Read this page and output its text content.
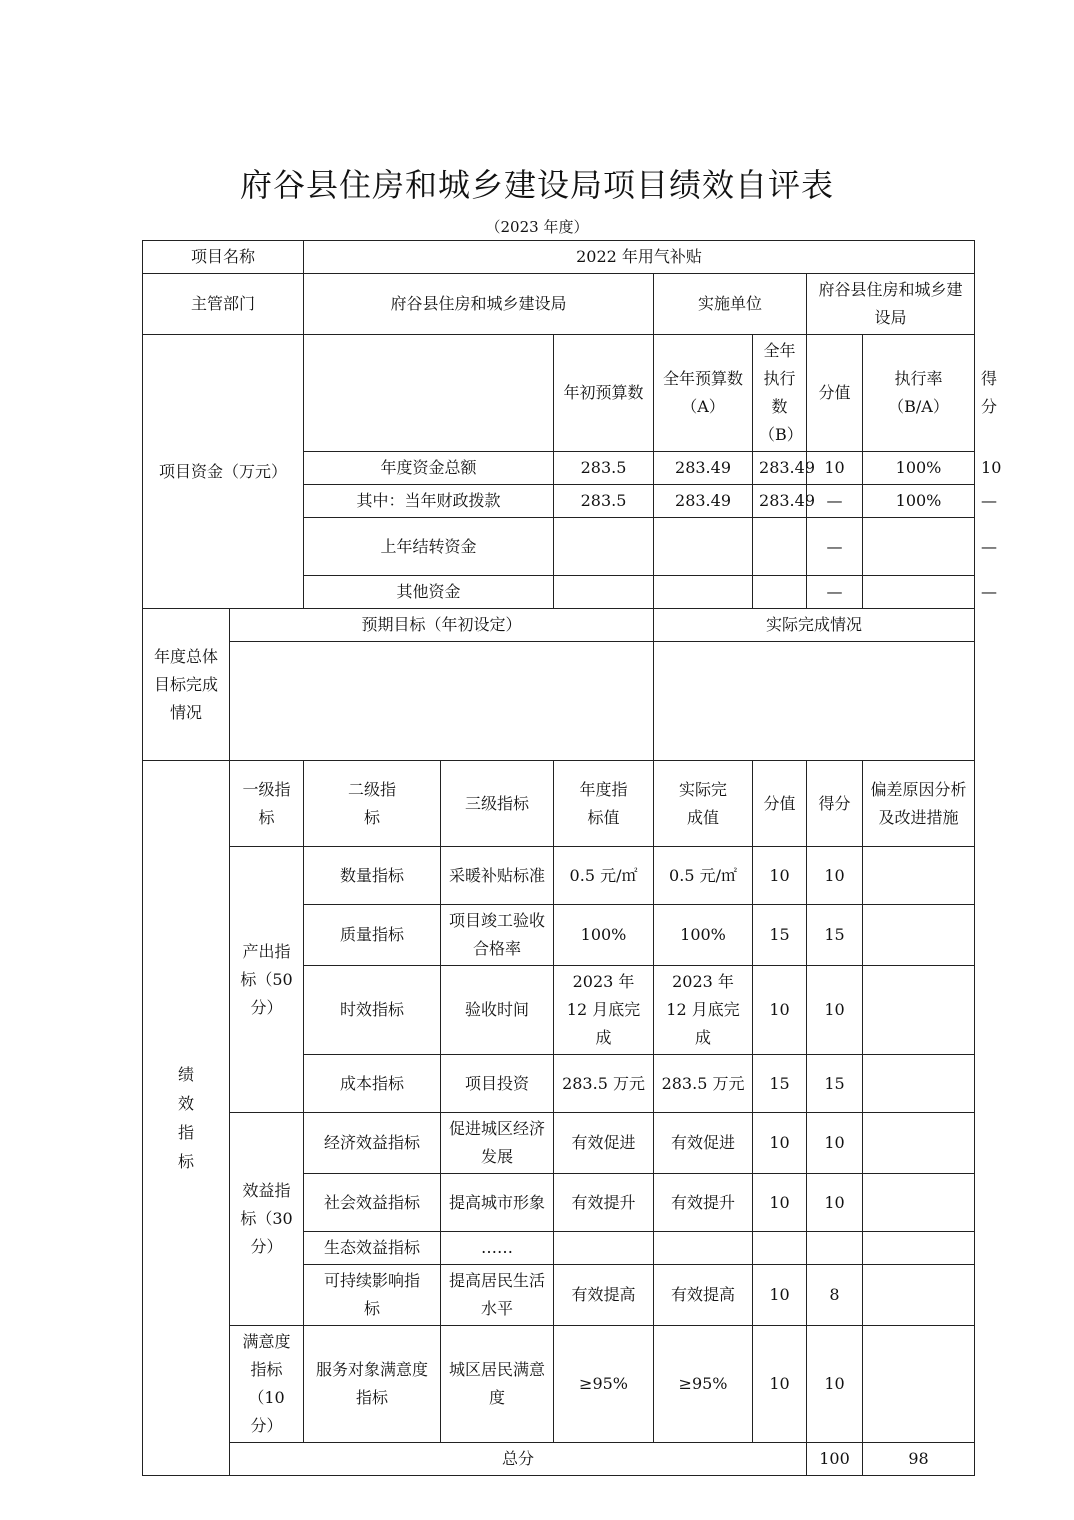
府谷县住房和城乡建设局项目绩效自评表
（2023 年度）
项目名称		2022 年用气补贴							
主管部门		府谷县住房和城乡建设局			实施单位		府谷县住房和城乡建设局		
项目资金（万元）				年初预算数	全年预算数（A）	全年执行数（B）	分值	执行率（B/A）	得分
		年度资金总额		283.5	283.49	283.49	10	100%	10
		其中：当年财政拨款		283.5	283.49	283.49	—	100%	—
		上年结转资金					—		—
		其他资金					—		—
年度总体目标完成情况	预期目标（年初设定）				实际完成情况				

绩效指标	一级指标	二级指标	三级指标	年度指标值	实际完成值	分值	得分	偏差原因分析及改进措施	
	产出指标（50 分）	数量指标	采暖补贴标准	0.5 元/㎡	0.5 元/㎡	10	10		
		质量指标	项目竣工验收合格率	100%	100%	15	15		
		时效指标	验收时间	2023 年 12 月底完成	2023 年 12 月底完成	10	10		
		成本指标	项目投资	283.5 万元	283.5 万元	15	15		
	效益指标（30 分）	经济效益指标	促进城区经济发展	有效促进	有效促进	10	10		
		社会效益指标	提高城市形象	有效提升	有效提升	10	10		
		生态效益指标	……						
		可持续影响指标	提高居民生活水平	有效提高	有效提高	10	8		
	满意度指标（10 分）	服务对象满意度指标	城区居民满意度	≥95%	≥95%	10	10		
	总分						100	98	
